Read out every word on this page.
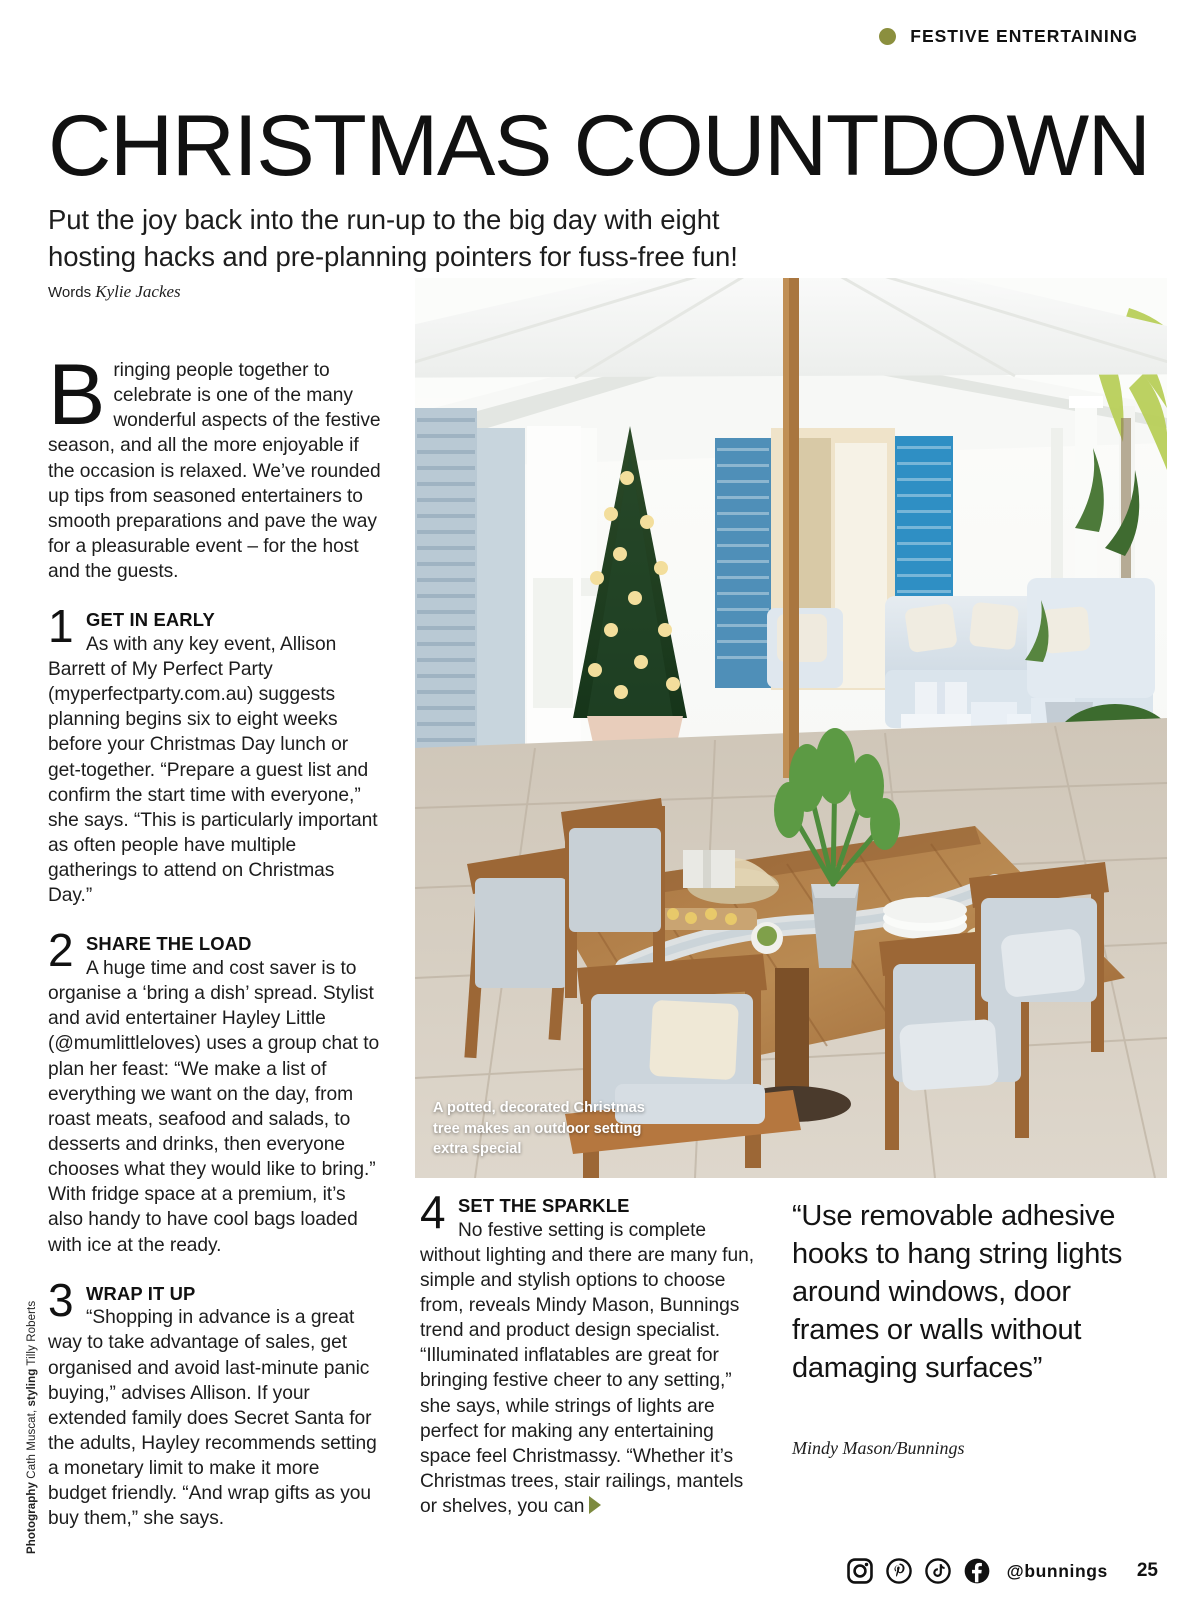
FESTIVE ENTERTAINING
CHRISTMAS COUNTDOWN

Put the joy back into the run-up to the big day with eight hosting hacks and pre-planning pointers for fuss-free fun!

Words Kylie Jackes

A potted, decorated Christmas tree makes an outdoor setting extra special

Bringing people together to celebrate is one of the many wonderful aspects of the festive season, and all the more enjoyable if the occasion is relaxed. We’ve rounded up tips from seasoned entertainers to smooth preparations and pave the way for a pleasurable event – for the host and the guests.

1 GET IN EARLY
As with any key event, Allison Barrett of My Perfect Party (myperfectparty.com.au) suggests planning begins six to eight weeks before your Christmas Day lunch or get-together. “Prepare a guest list and confirm the start time with everyone,” she says. “This is particularly important as often people have multiple gatherings to attend on Christmas Day.”
2 SHARE THE LOAD
A huge time and cost saver is to organise a ‘bring a dish’ spread. Stylist and avid entertainer Hayley Little (@mumlittleloves) uses a group chat to plan her feast: “We make a list of everything we want on the day, from roast meats, seafood and salads, to desserts and drinks, then everyone chooses what they would like to bring.” With fridge space at a premium, it’s also handy to have cool bags loaded with ice at the ready.
3 WRAP IT UP
“Shopping in advance is a great way to take advantage of sales, get organised and avoid last-minute panic buying,” advises Allison. If your extended family does Secret Santa for the adults, Hayley recommends setting a monetary limit to make it more budget friendly. “And wrap gifts as you buy them,” she says.
4 SET THE SPARKLE
No festive setting is complete without lighting and there are many fun, simple and stylish options to choose from, reveals Mindy Mason, Bunnings trend and product design specialist. “Illuminated inflatables are great for bringing festive cheer to any setting,” she says, while strings of lights are perfect for making any entertaining space feel Christmassy. “Whether it’s Christmas trees, stair railings, mantels or shelves, you can
“Use removable adhesive hooks to hang string lights around windows, door frames or walls without damaging surfaces”
Mindy Mason/Bunnings
Photography Cath Muscat, styling Tilly Roberts
@bunnings 25
